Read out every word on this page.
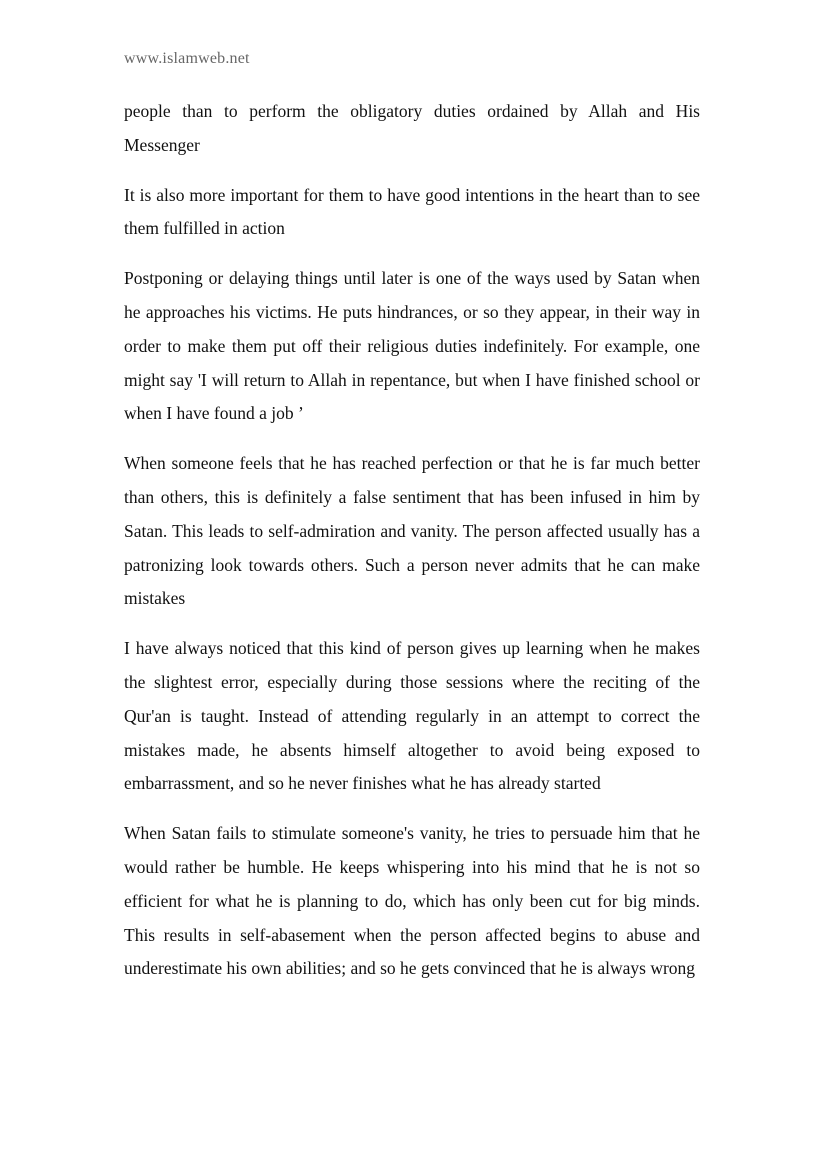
www.islamweb.net

people than to perform the obligatory duties ordained by Allah and His Messenger

It is also more important for them to have good intentions in the heart than to see them fulfilled in action

Postponing or delaying things until later is one of the ways used by Satan when he approaches his victims. He puts hindrances, or so they appear, in their way in order to make them put off their religious duties indefinitely. For example, one might say 'I will return to Allah in repentance, but when I have finished school or when I have found a job ’

When someone feels that he has reached perfection or that he is far much better than others, this is definitely a false sentiment that has been infused in him by Satan. This leads to self-admiration and vanity. The person affected usually has a patronizing look towards others. Such a person never admits that he can make mistakes

I have always noticed that this kind of person gives up learning when he makes the slightest error, especially during those sessions where the reciting of the Qur'an is taught. Instead of attending regularly in an attempt to correct the mistakes made, he absents himself altogether to avoid being exposed to embarrassment, and so he never finishes what he has already started

When Satan fails to stimulate someone's vanity, he tries to persuade him that he would rather be humble. He keeps whispering into his mind that he is not so efficient for what he is planning to do, which has only been cut for big minds. This results in self-abasement when the person affected begins to abuse and underestimate his own abilities; and so he gets convinced that he is always wrong
